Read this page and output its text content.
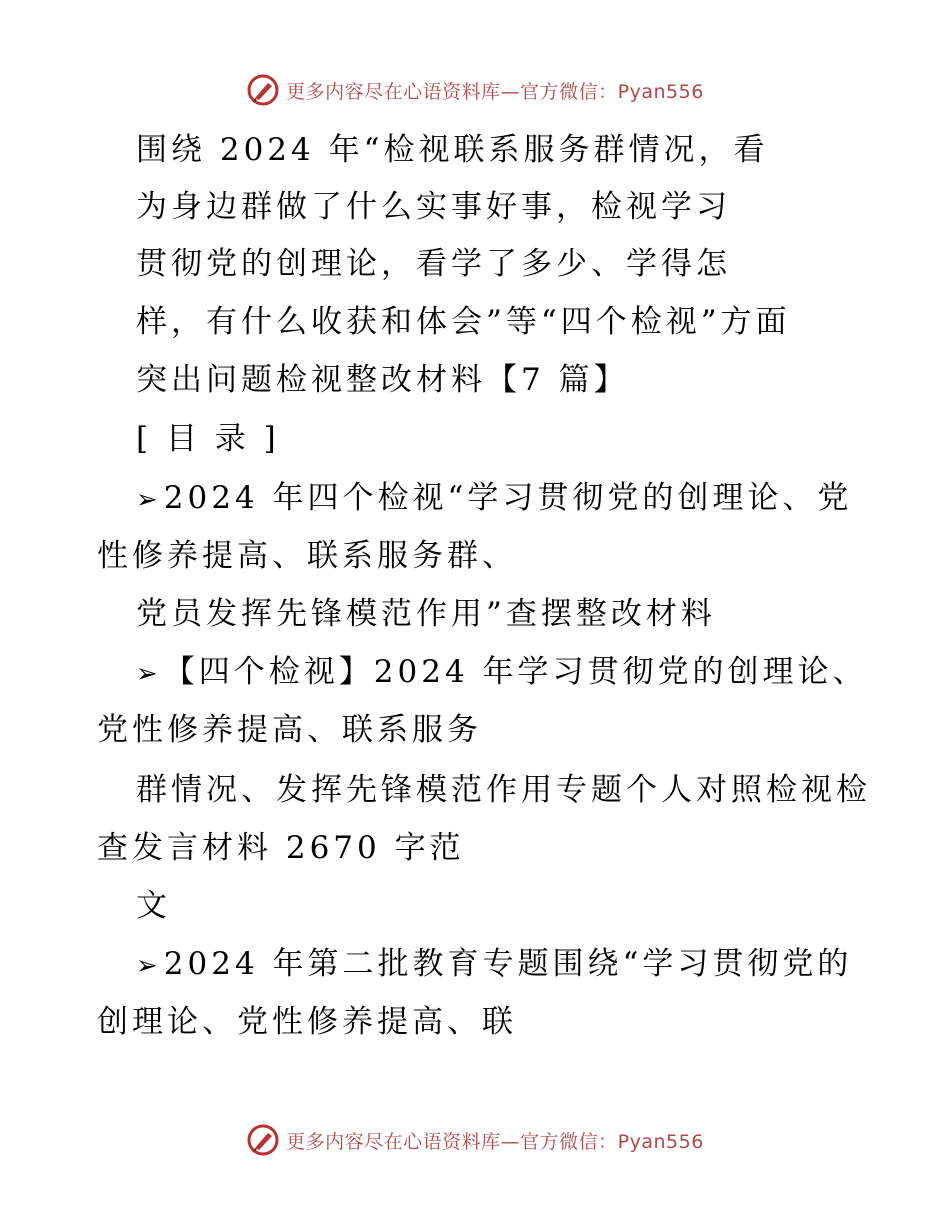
更多内容尽在心语资料库—官方微信：Pyan556
围绕 2024 年“检视联系服务群情况，看
为身边群做了什么实事好事，检视学习
贯彻党的创理论，看学了多少、学得怎
样，有什么收获和体会”等“四个检视”方面
突出问题检视整改材料【7 篇】
[ 目 录 ]
➢2024 年四个检视“学习贯彻党的创理论、党
性修养提高、联系服务群、
党员发挥先锋模范作用”查摆整改材料
➢【四个检视】2024 年学习贯彻党的创理论、
党性修养提高、联系服务
群情况、发挥先锋模范作用专题个人对照检视检
查发言材料 2670 字范
文
➢2024 年第二批教育专题围绕“学习贯彻党的
创理论、党性修养提高、联
更多内容尽在心语资料库—官方微信：Pyan556
